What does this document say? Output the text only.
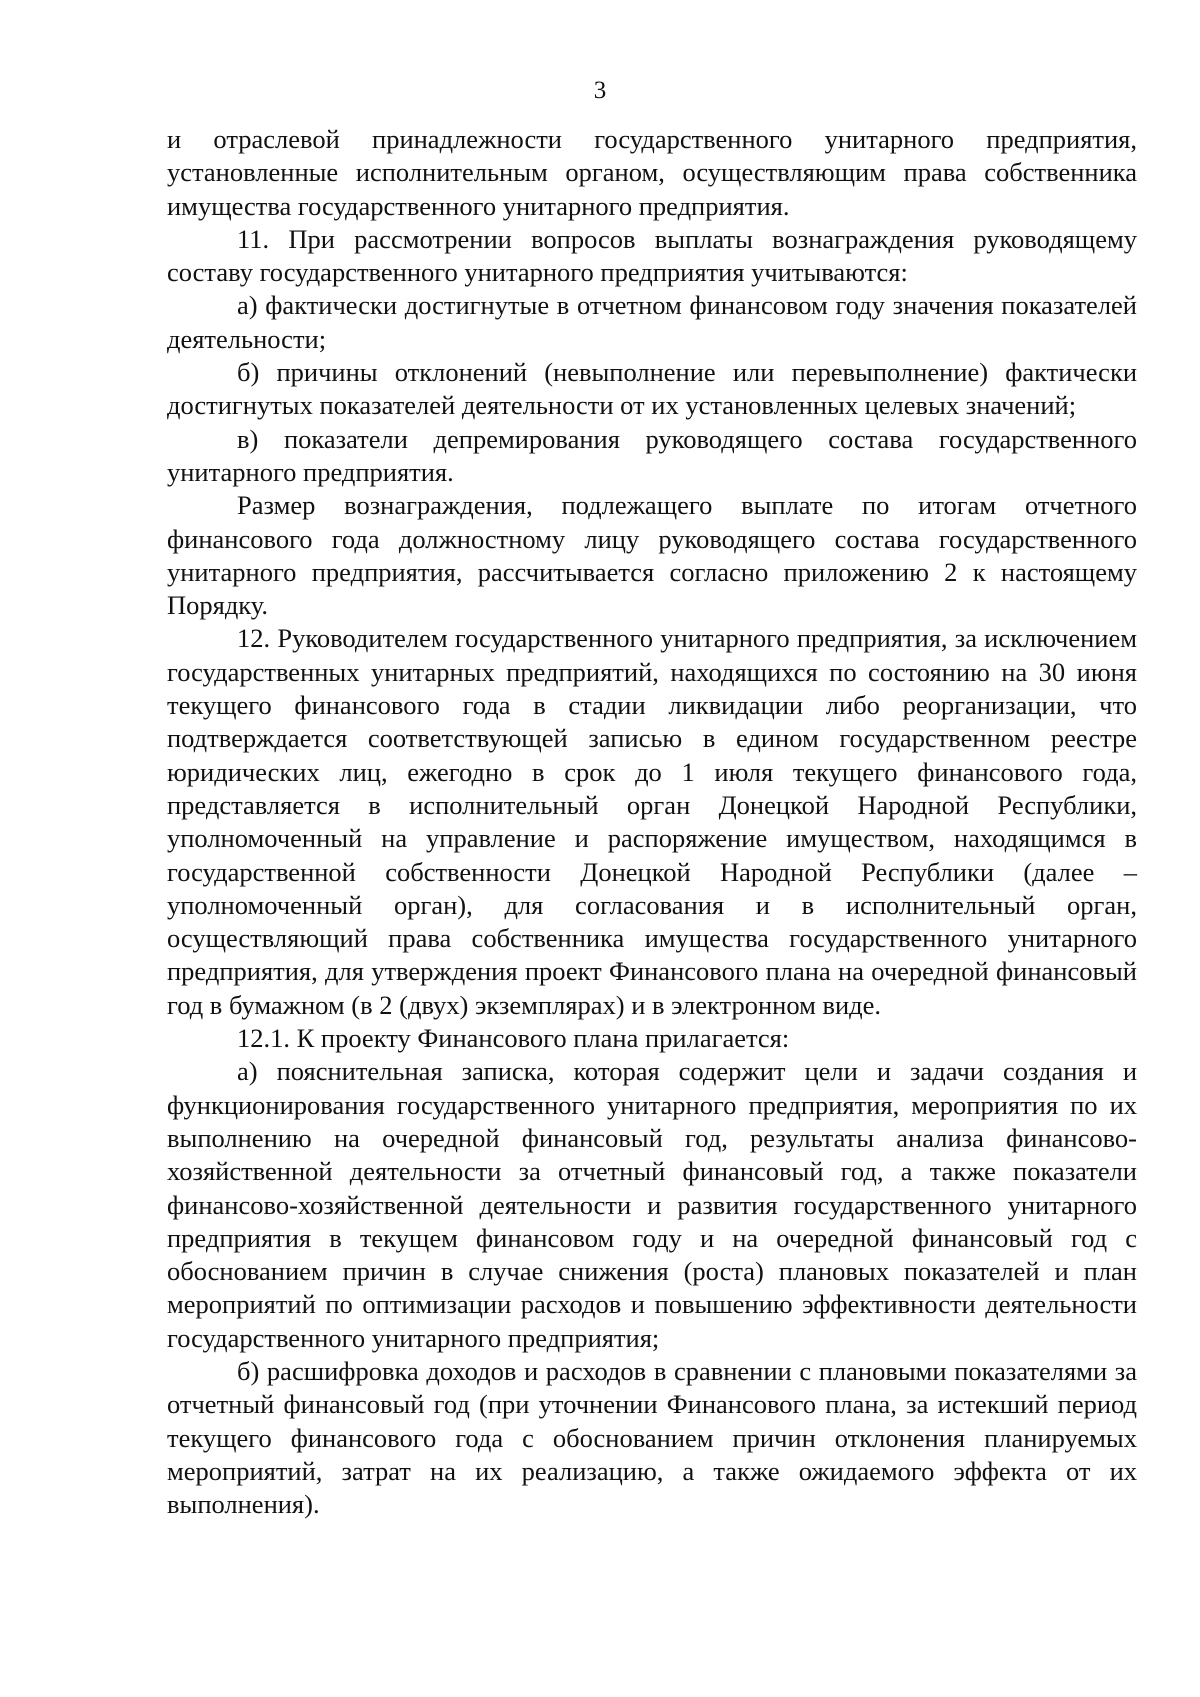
3

и отраслевой принадлежности государственного унитарного предприятия, установленные исполнительным органом, осуществляющим права собственника имущества государственного унитарного предприятия.

11. При рассмотрении вопросов выплаты вознаграждения руководящему составу государственного унитарного предприятия учитываются:

а) фактически достигнутые в отчетном финансовом году значения показателей деятельности;

б) причины отклонений (невыполнение или перевыполнение) фактически достигнутых показателей деятельности от их установленных целевых значений;

в) показатели депремирования руководящего состава государственного унитарного предприятия.

Размер вознаграждения, подлежащего выплате по итогам отчетного финансового года должностному лицу руководящего состава государственного унитарного предприятия, рассчитывается согласно приложению 2 к настоящему Порядку.

12. Руководителем государственного унитарного предприятия, за исключением государственных унитарных предприятий, находящихся по состоянию на 30 июня текущего финансового года в стадии ликвидации либо реорганизации, что подтверждается соответствующей записью в едином государственном реестре юридических лиц, ежегодно в срок до 1 июля текущего финансового года, представляется в исполнительный орган Донецкой Народной Республики, уполномоченный на управление и распоряжение имуществом, находящимся в государственной собственности Донецкой Народной Республики (далее – уполномоченный орган), для согласования и в исполнительный орган, осуществляющий права собственника имущества государственного унитарного предприятия, для утверждения проект Финансового плана на очередной финансовый год в бумажном (в 2 (двух) экземплярах) и в электронном виде.

12.1. К проекту Финансового плана прилагается:

а) пояснительная записка, которая содержит цели и задачи создания и функционирования государственного унитарного предприятия, мероприятия по их выполнению на очередной финансовый год, результаты анализа финансово-хозяйственной деятельности за отчетный финансовый год, а также показатели финансово-хозяйственной деятельности и развития государственного унитарного предприятия в текущем финансовом году и на очередной финансовый год с обоснованием причин в случае снижения (роста) плановых показателей и план мероприятий по оптимизации расходов и повышению эффективности деятельности государственного унитарного предприятия;

б) расшифровка доходов и расходов в сравнении с плановыми показателями за отчетный финансовый год (при уточнении Финансового плана, за истекший период текущего финансового года с обоснованием причин отклонения планируемых мероприятий, затрат на их реализацию, а также ожидаемого эффекта от их выполнения).
